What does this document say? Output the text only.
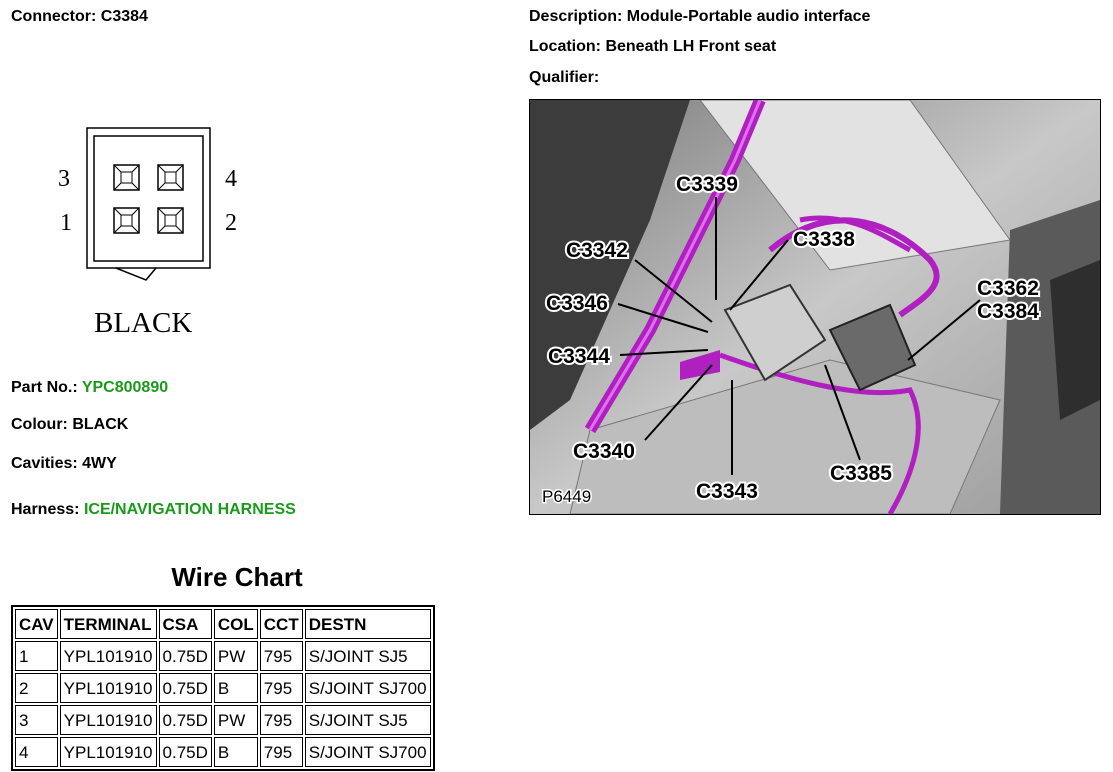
Connector: C3384	Description: Module-Portable audio interface
Location: Beneath LH Front seat
Qualifier:
3	4
1	2
BLACK
Part No.: YPC800890
Colour: BLACK
Cavities: 4WY
Harness: ICE/NAVIGATION HARNESS
C3339
C3338
C3342
C3346
C3344
C3340
C3343
C3385
C3362
C3384
P6449
Wire Chart
CAV	TERMINAL	CSA	COL	CCT	DESTN
1	YPL101910	0.75D	PW	795	S/JOINT SJ5
2	YPL101910	0.75D	B	795	S/JOINT SJ700
3	YPL101910	0.75D	PW	795	S/JOINT SJ5
4	YPL101910	0.75D	B	795	S/JOINT SJ700
